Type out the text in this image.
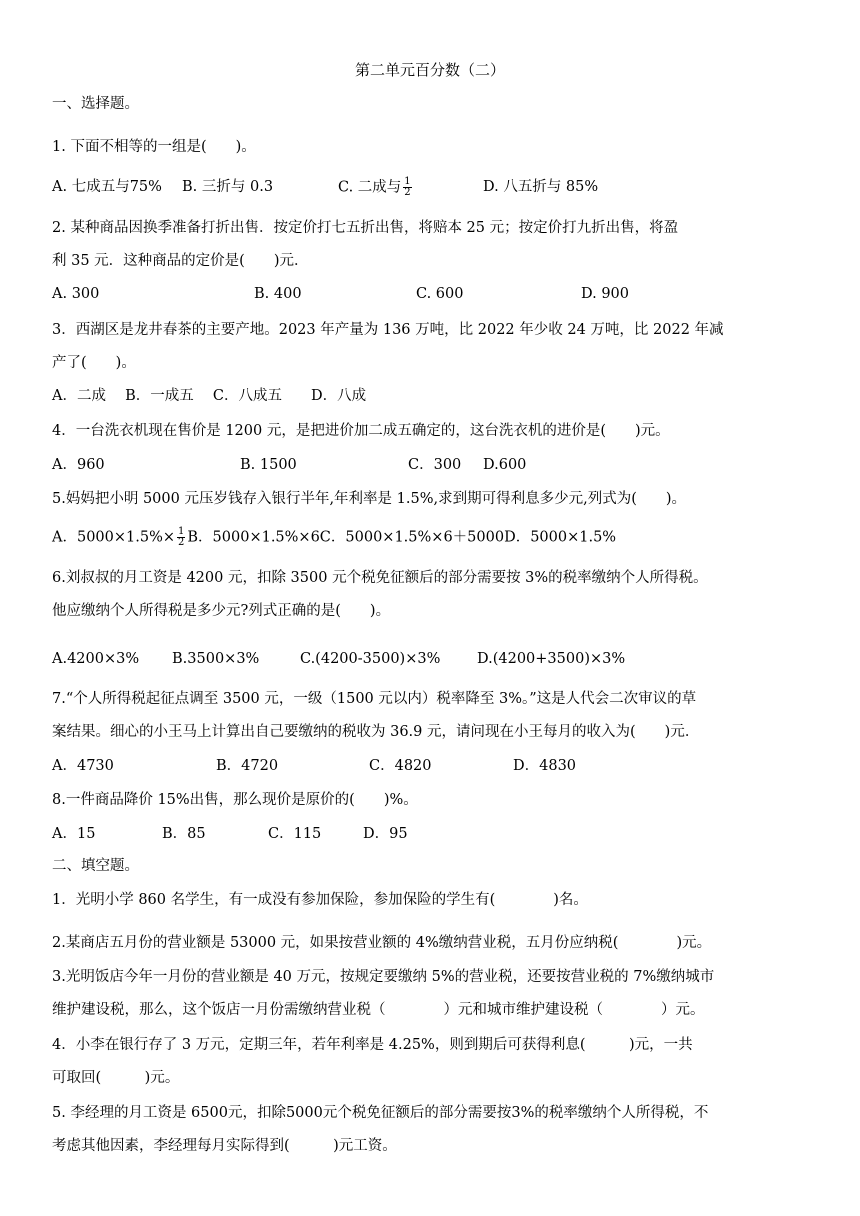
第二单元百分数（二）
一、选择题。
1. 下面不相等的一组是(　　)。
A. 七成五与75% B. 三折与 0.3	C. 二成与 $\frac{1}{2}$	D. 八五折与 85%
2. 某种商品因换季准备打折出售．按定价打七五折出售，将赔本 25 元；按定价打九折出售，将盈
利 35 元．这种商品的定价是(　　)元．
A. 300	B. 400	C. 600	D. 900
3．西湖区是龙井春茶的主要产地。2023 年产量为 136 万吨，比 2022 年少收 24 万吨，比 2022 年减
产了(　　)。
A．二成　 B．一成五　 C．八成五　　D．八成
4．一台洗衣机现在售价是 1200 元，是把进价加二成五确定的，这台洗衣机的进价是(　　)元。
A．960	B. 1500	C．300 D.600
5.妈妈把小明 5000 元压岁钱存入银行半年,年利率是 1.5%,求到期可得利息多少元,列式为(　　)。
A．$5000\times 1.5\%\times \frac{1}{2}$ B．5000×1.5%×6C．5000×1.5%×6＋5000D．5000×1.5%
6.刘叔叔的月工资是 4200 元，扣除 3500 元个税免征额后的部分需要按 3%的税率缴纳个人所得税。
他应缴纳个人所得税是多少元?列式正确的是(　　)。
A.4200×3% B.3500×3%	C.(4200-3500)×3%	D.(4200+3500)×3%
7.“个人所得税起征点调至 3500 元，一级（1500 元以内）税率降至 3%。”这是人代会二次审议的草
案结果。细心的小王马上计算出自己要缴纳的税收为 36.9 元，请问现在小王每月的收入为(　　)元．
A．4730	B．4720	C．4820	D．4830
8.一件商品降价 15%出售，那么现价是原价的(　　)%。
A．15	B．85	C．115	D．95
二、填空题。
1．光明小学 860 名学生，有一成没有参加保险，参加保险的学生有(　　　　)名。
2.某商店五月份的营业额是 53000 元，如果按营业额的 4%缴纳营业税，五月份应纳税(　　　　)元。
3.光明饭店今年一月份的营业额是 40 万元，按规定要缴纳 5%的营业税，还要按营业税的 7%缴纳城市
维护建设税，那么，这个饭店一月份需缴纳营业税（　　　　）元和城市维护建设税（　　　　）元。
4．小李在银行存了 3 万元，定期三年，若年利率是 4.25%，则到期后可获得利息(　　　)元，一共
可取回(　　　)元。
5. 李经理的月工资是 6500元，扣除5000元个税免征额后的部分需要按3%的税率缴纳个人所得税，不
考虑其他因素，李经理每月实际得到(　　　)元工资。
